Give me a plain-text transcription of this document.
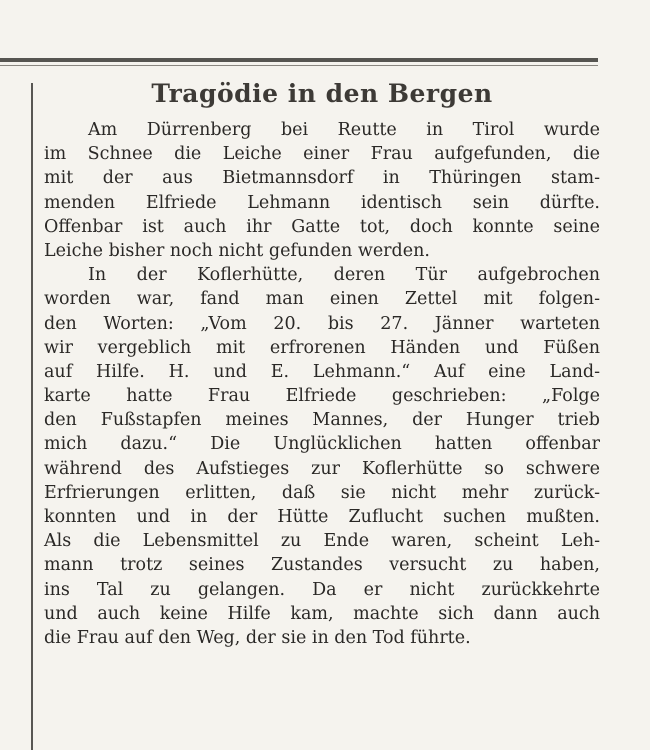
Tragödie in den Bergen
Am Dürrenberg bei Reutte in Tirol wurde
im Schnee die Leiche einer Frau aufgefunden, die
mit der aus Bietmannsdorf in Thüringen stam-
menden Elfriede Lehmann identisch sein dürfte.
Offenbar ist auch ihr Gatte tot, doch konnte seine
Leiche bisher noch nicht gefunden werden.
In der Koflerhütte, deren Tür aufgebrochen
worden war, fand man einen Zettel mit folgen-
den Worten: „Vom 20. bis 27. Jänner warteten
wir vergeblich mit erfrorenen Händen und Füßen
auf Hilfe. H. und E. Lehmann.“ Auf eine Land-
karte hatte Frau Elfriede geschrieben: „Folge
den Fußstapfen meines Mannes, der Hunger trieb
mich dazu.“ Die Unglücklichen hatten offenbar
während des Aufstieges zur Koflerhütte so schwere
Erfrierungen erlitten, daß sie nicht mehr zurück-
konnten und in der Hütte Zuflucht suchen mußten.
Als die Lebensmittel zu Ende waren, scheint Leh-
mann trotz seines Zustandes versucht zu haben,
ins Tal zu gelangen. Da er nicht zurückkehrte
und auch keine Hilfe kam, machte sich dann auch
die Frau auf den Weg, der sie in den Tod führte.
